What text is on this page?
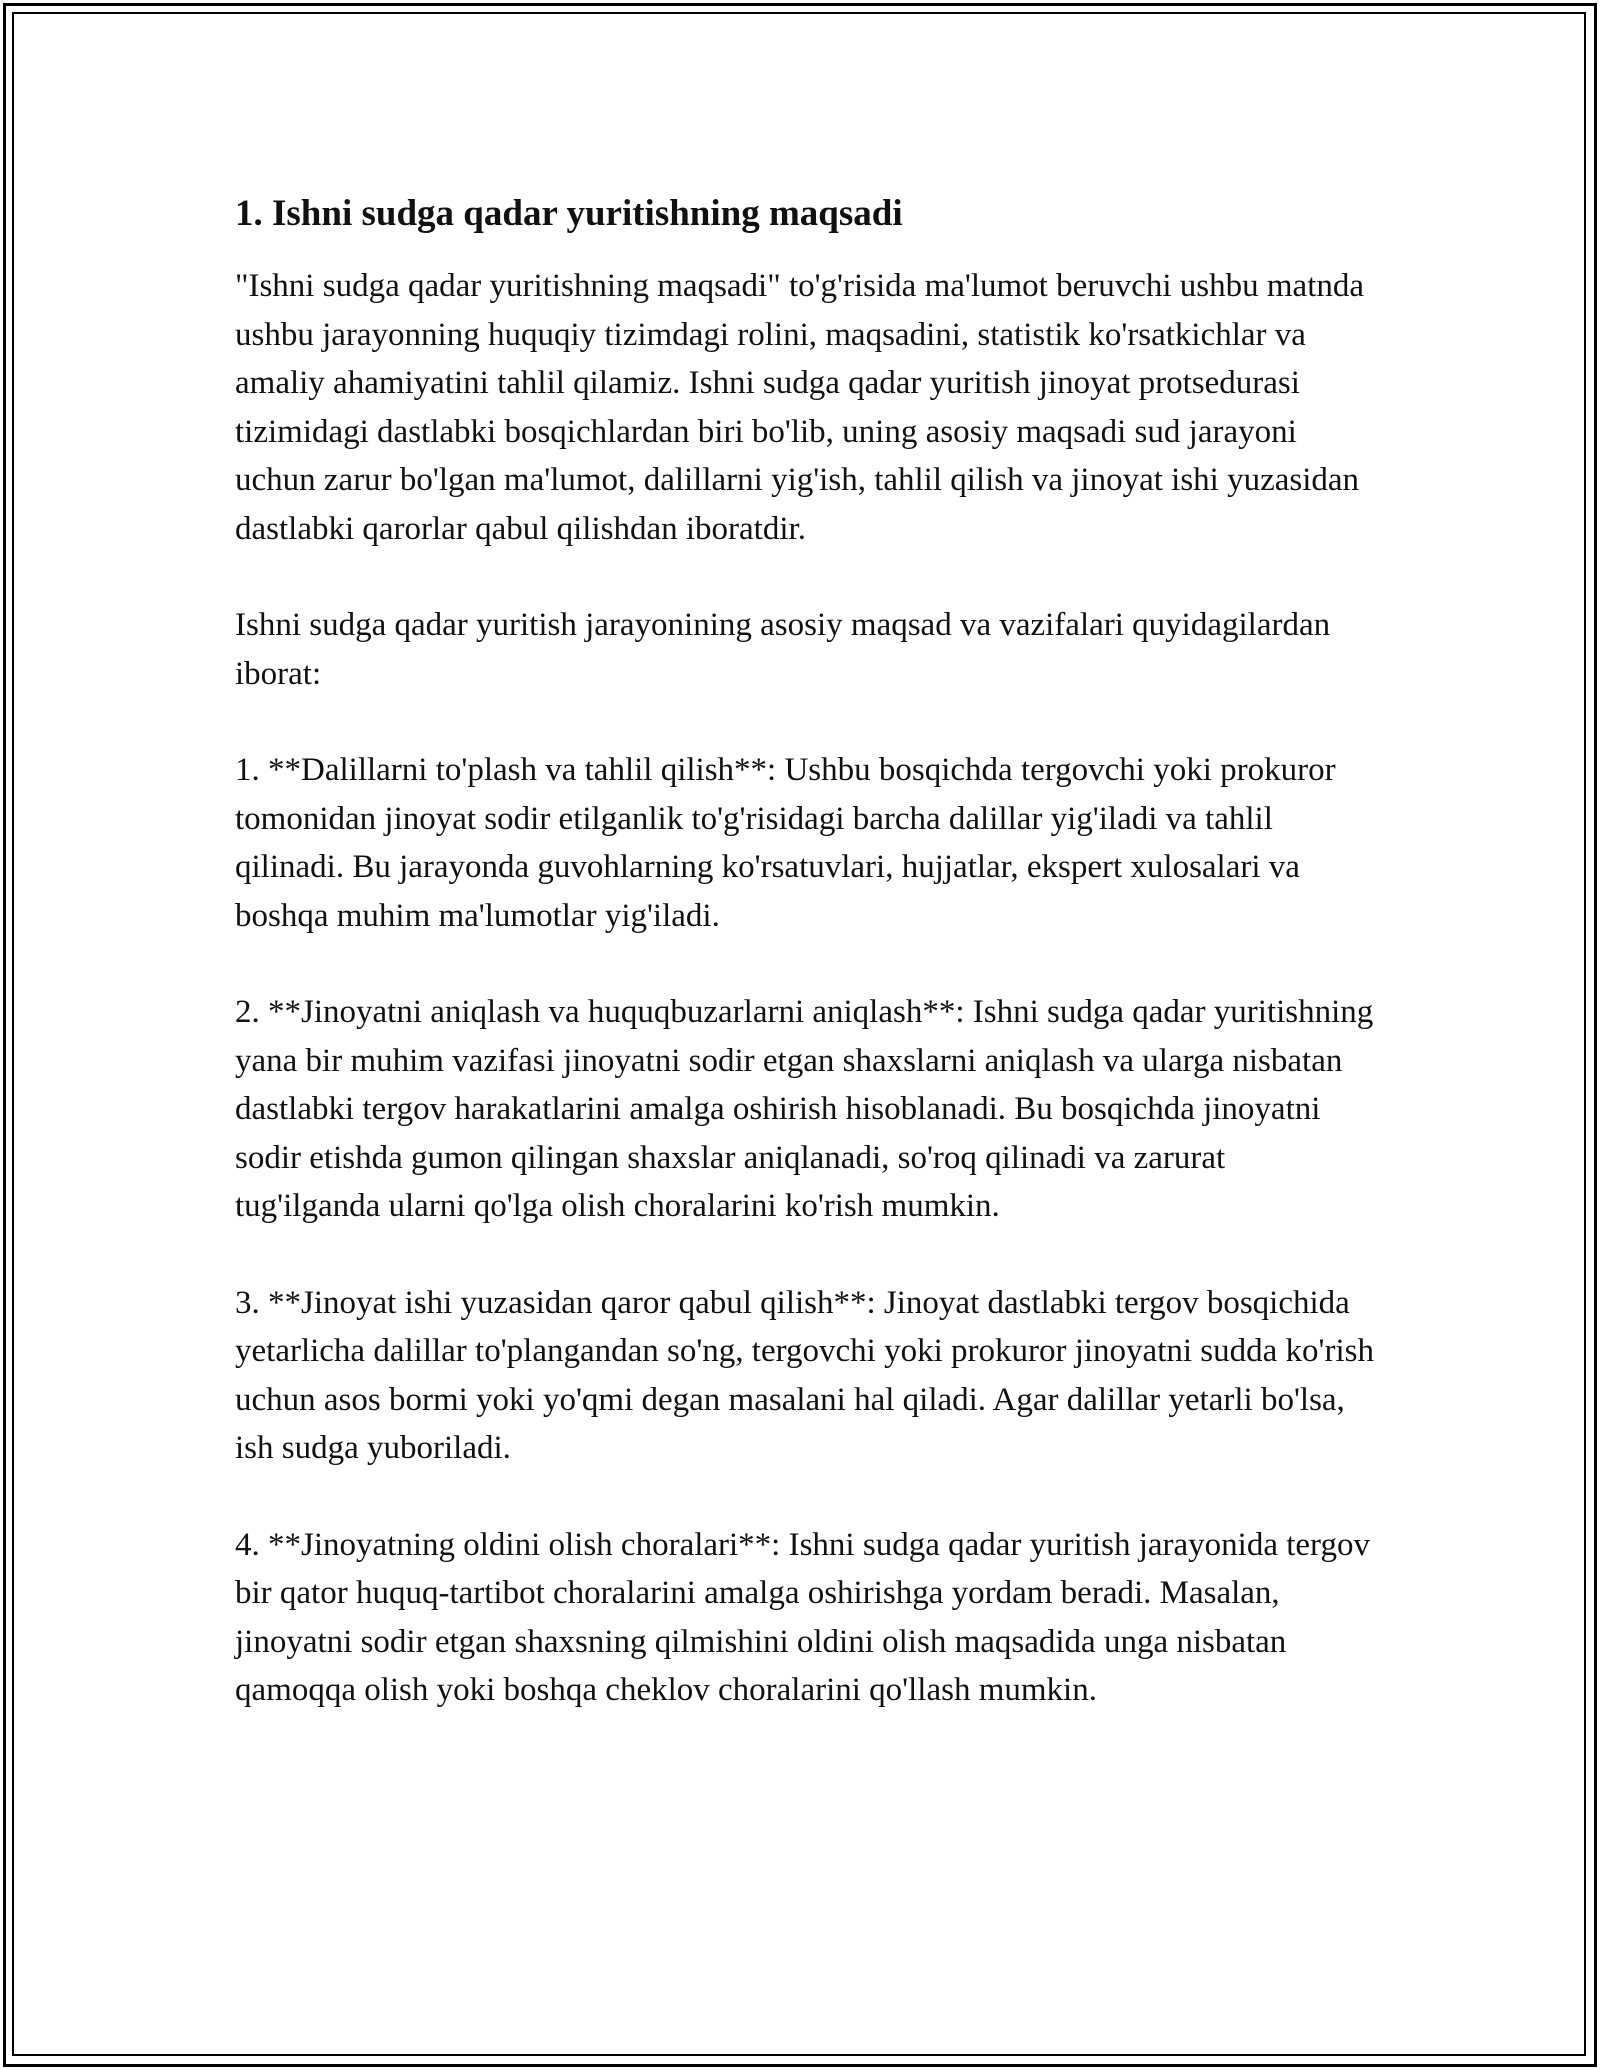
1. Ishni sudga qadar yuritishning maqsadi

"Ishni sudga qadar yuritishning maqsadi" to'g'risida ma'lumot beruvchi ushbu matnda ushbu jarayonning huquqiy tizimdagi rolini, maqsadini, statistik ko'rsatkichlar va amaliy ahamiyatini tahlil qilamiz. Ishni sudga qadar yuritish jinoyat protsedurasi tizimidagi dastlabki bosqichlardan biri bo'lib, uning asosiy maqsadi sud jarayoni uchun zarur bo'lgan ma'lumot, dalillarni yig'ish, tahlil qilish va jinoyat ishi yuzasidan dastlabki qarorlar qabul qilishdan iboratdir.

Ishni sudga qadar yuritish jarayonining asosiy maqsad va vazifalari quyidagilardan iborat:

1. **Dalillarni to'plash va tahlil qilish**: Ushbu bosqichda tergovchi yoki prokuror tomonidan jinoyat sodir etilganlik to'g'risidagi barcha dalillar yig'iladi va tahlil qilinadi. Bu jarayonda guvohlarning ko'rsatuvlari, hujjatlar, ekspert xulosalari va boshqa muhim ma'lumotlar yig'iladi.

2. **Jinoyatni aniqlash va huquqbuzarlarni aniqlash**: Ishni sudga qadar yuritishning yana bir muhim vazifasi jinoyatni sodir etgan shaxslarni aniqlash va ularga nisbatan dastlabki tergov harakatlarini amalga oshirish hisoblanadi. Bu bosqichda jinoyatni sodir etishda gumon qilingan shaxslar aniqlanadi, so'roq qilinadi va zarurat tug'ilganda ularni qo'lga olish choralarini ko'rish mumkin.

3. **Jinoyat ishi yuzasidan qaror qabul qilish**: Jinoyat dastlabki tergov bosqichida yetarlicha dalillar to'plangandan so'ng, tergovchi yoki prokuror jinoyatni sudda ko'rish uchun asos bormi yoki yo'qmi degan masalani hal qiladi. Agar dalillar yetarli bo'lsa, ish sudga yuboriladi.

4. **Jinoyatning oldini olish choralari**: Ishni sudga qadar yuritish jarayonida tergov bir qator huquq-tartibot choralarini amalga oshirishga yordam beradi. Masalan, jinoyatni sodir etgan shaxsning qilmishini oldini olish maqsadida unga nisbatan qamoqqa olish yoki boshqa cheklov choralarini qo'llash mumkin.
